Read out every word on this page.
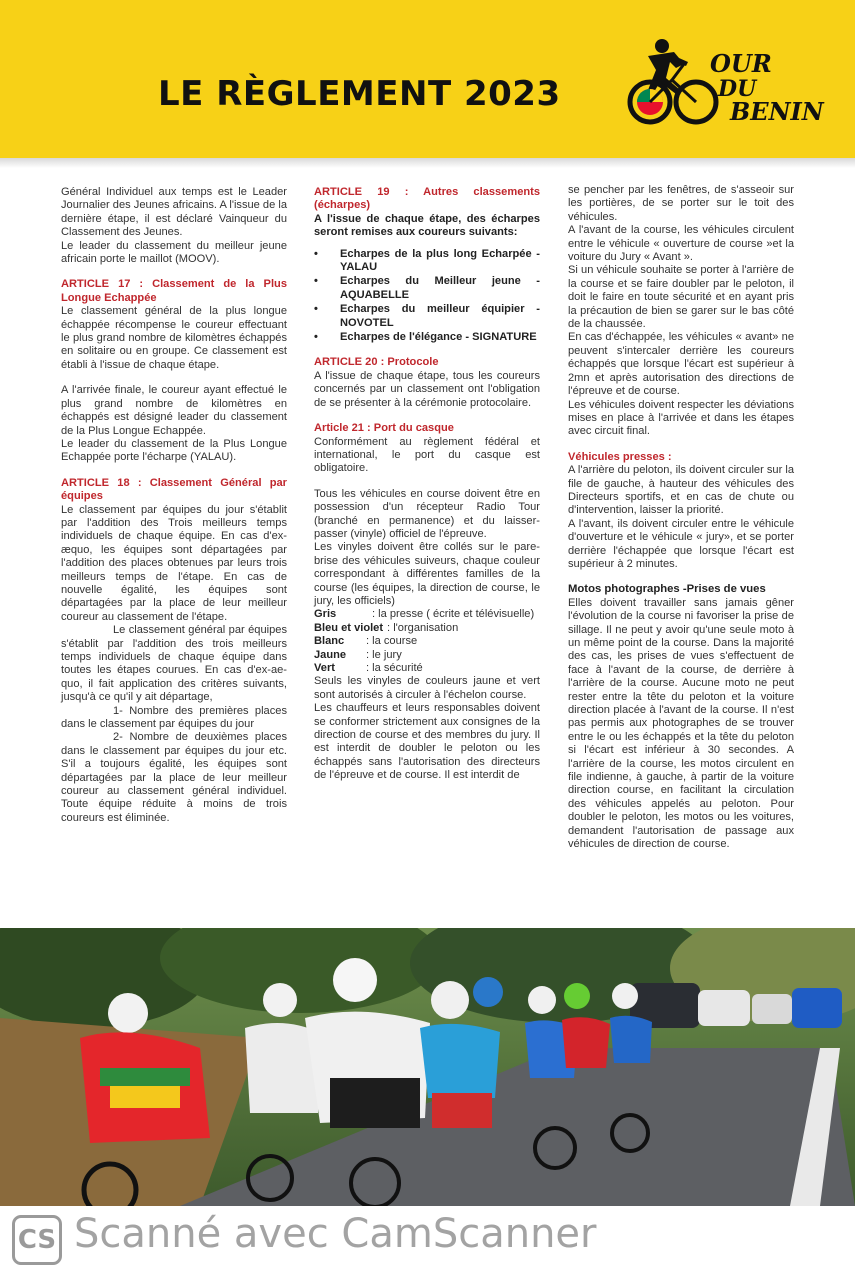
LE RÈGLEMENT 2023
OUR
DU
BENIN

Général Individuel aux temps est le Leader Journalier des Jeunes africains. A l'issue de la dernière étape, il est déclaré Vainqueur du Classement des Jeunes.

Le leader du classement du meilleur jeune africain porte le maillot (MOOV).

ARTICLE 17 : Classement de la Plus Longue Echappée

Le classement général de la plus longue échappée récompense le coureur effectuant le plus grand nombre de kilomètres échappés en solitaire ou en groupe. Ce classement est établi à l'issue de chaque étape.

A l'arrivée finale, le coureur ayant effectué le plus grand nombre de kilomètres en échappés est désigné leader du classement de la Plus Longue Echappée.

Le leader du classement de la Plus Longue Echappée porte l'écharpe (YALAU).

ARTICLE 18 : Classement Général par équipes

Le classement par équipes du jour s'établit par l'addition des Trois meilleurs temps individuels de chaque équipe. En cas d'ex-æquo, les équipes sont départagées par l'addition des places obtenues par leurs trois meilleurs temps de l'étape. En cas de nouvelle égalité, les équipes sont départagées par la place de leur meilleur coureur au classement de l'étape.

Le classement général par équipes s'établit par l'addition des trois meilleurs temps individuels de chaque équipe dans toutes les étapes courues. En cas d'ex-ae-quo, il fait application des critères suivants, jusqu'à ce qu'il y ait départage,

1- Nombre des premières places dans le classement par équipes du jour

2- Nombre de deuxièmes places dans le classement par équipes du jour etc. S'il a toujours égalité, les équipes sont départagées par la place de leur meilleur coureur au classement général individuel. Toute équipe réduite à moins de trois coureurs est éliminée.

ARTICLE 19 : Autres classements (écharpes)

A l'issue de chaque étape, des écharpes seront remises aux coureurs suivants:

• Echarpes de la plus long Echarpée - YALAU
• Echarpes du Meilleur jeune - AQUABELLE
• Echarpes du meilleur équipier - NOVOTEL
• Echarpes de l'élégance - SIGNATURE

ARTICLE 20 : Protocole

A l'issue de chaque étape, tous les coureurs concernés par un classement ont l'obligation de se présenter à la cérémonie protocolaire.

Article 21 : Port du casque

Conformément au règlement fédéral et international, le port du casque est obligatoire.

Tous les véhicules en course doivent être en possession d'un récepteur Radio Tour (branché en permanence) et du laisser-passer (vinyle) officiel de l'épreuve.

Les vinyles doivent être collés sur le pare-brise des véhicules suiveurs, chaque couleur correspondant à différentes familles de la course (les équipes, la direction de course, le jury, les officiels)

Gris	: la presse ( écrite et télévisuelle)
Bleu et violet : l'organisation
Blanc	: la course
Jaune	: le jury
Vert	: la sécurité

Seuls les vinyles de couleurs jaune et vert sont autorisés à circuler à l'échelon course.

Les chauffeurs et leurs responsables doivent se conformer strictement aux consignes de la direction de course et des membres du jury. Il est interdit de doubler le peloton ou les échappés sans l'autorisation des directeurs de l'épreuve et de course. Il est interdit de

se pencher par les fenêtres, de s'asseoir sur les portières, de se porter sur le toit des véhicules.

A l'avant de la course, les véhicules circulent entre le véhicule « ouverture de course »et la voiture du Jury « Avant ».

Si un véhicule souhaite se porter à l'arrière de la course et se faire doubler par le peloton, il doit le faire en toute sécurité et en ayant pris la précaution de bien se garer sur le bas côté de la chaussée.

En cas d'échappée, les véhicules « avant» ne peuvent s'intercaler derrière les coureurs échappés que lorsque l'écart est supérieur à 2mn et après autorisation des directions de l'épreuve et de course.

Les véhicules doivent respecter les déviations mises en place à l'arrivée et dans les étapes avec circuit final.

Véhicules presses :

A l'arrière du peloton, ils doivent circuler sur la file de gauche, à hauteur des véhicules des Directeurs sportifs, et en cas de chute ou d'intervention, laisser la priorité.

A l'avant, ils doivent circuler entre le véhicule d'ouverture et le véhicule « jury», et se porter derrière l'échappée que lorsque l'écart est supérieur à 2 minutes.

Motos photographes -Prises de vues

Elles doivent travailler sans jamais gêner l'évolution de la course ni favoriser la prise de sillage. Il ne peut y avoir qu'une seule moto à un même point de la course. Dans la majorité des cas, les prises de vues s'effectuent de face à l'avant de la course, de derrière à l'arrière de la course. Aucune moto ne peut rester entre la tête du peloton et la voiture direction placée à l'avant de la course. Il n'est pas permis aux photographes de se trouver entre le ou les échappés et la tête du peloton si l'écart est inférieur à 30 secondes. A l'arrière de la course, les motos circulent en file indienne, à gauche, à partir de la voiture direction course, en facilitant la circulation des véhicules appelés au peloton. Pour doubler le peloton, les motos ou les voitures, demandent l'autorisation de passage aux véhicules de direction de course.

CS Scanné avec CamScanner
